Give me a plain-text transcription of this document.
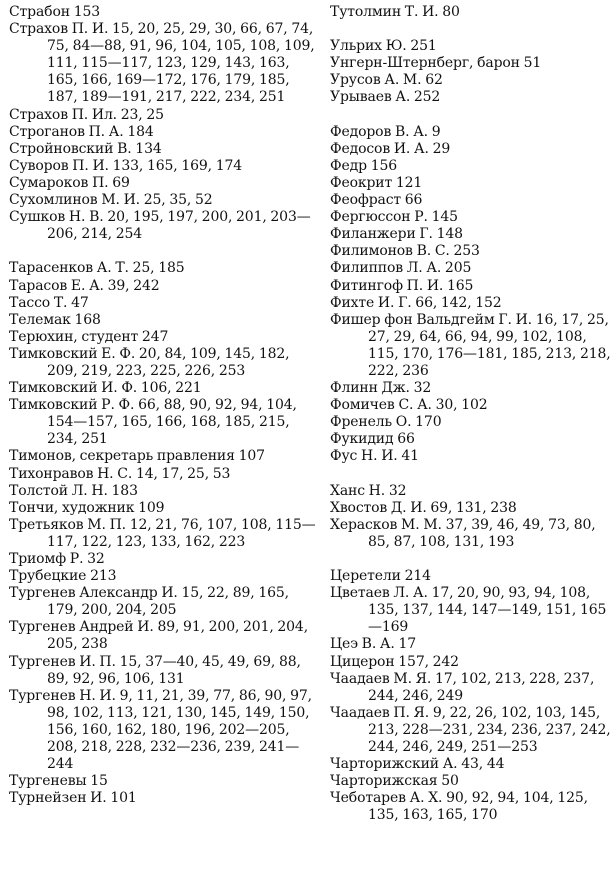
Страбон 153
Страхов П. И. 15, 20, 25, 29, 30, 66, 67, 74, 75, 84—88, 91, 96, 104, 105, 108, 109, 111, 115—117, 123, 129, 143, 163, 165, 166, 169—172, 176, 179, 185, 187, 189—191, 217, 222, 234, 251
Страхов П. Ил. 23, 25
Строганов П. А. 184
Стройновский В. 134
Суворов П. И. 133, 165, 169, 174
Сумароков П. 69
Сухомлинов М. И. 25, 35, 52
Сушков Н. В. 20, 195, 197, 200, 201, 203—206, 214, 254
Тарасенков А. Т. 25, 185
Тарасов Е. А. 39, 242
Тассо Т. 47
Телемак 168
Терюхин, студент 247
Тимковский Е. Ф. 20, 84, 109, 145, 182, 209, 219, 223, 225, 226, 253
Тимковский И. Ф. 106, 221
Тимковский Р. Ф. 66, 88, 90, 92, 94, 104, 154—157, 165, 166, 168, 185, 215, 234, 251
Тимонов, секретарь правления 107
Тихонравов Н. С. 14, 17, 25, 53
Толстой Л. Н. 183
Тончи, художник 109
Третьяков М. П. 12, 21, 76, 107, 108, 115—117, 122, 123, 133, 162, 223
Триомф Р. 32
Трубецкие 213
Тургенев Александр И. 15, 22, 89, 165, 179, 200, 204, 205
Тургенев Андрей И. 89, 91, 200, 201, 204, 205, 238
Тургенев И. П. 15, 37—40, 45, 49, 69, 88, 89, 92, 96, 106, 131
Тургенев Н. И. 9, 11, 21, 39, 77, 86, 90, 97, 98, 102, 113, 121, 130, 145, 149, 150, 156, 160, 162, 180, 196, 202—205, 208, 218, 228, 232—236, 239, 241— 244
Тургеневы 15
Турнейзен И. 101
Тутолмин Т. И. 80
Ульрих Ю. 251
Унгерн-Штернберг, барон 51
Урусов А. М. 62
Урываев А. 252
Федоров В. А. 9
Федосов И. А. 29
Федр 156
Феокрит 121
Феофраст 66
Фергюссон Р. 145
Филанжери Г. 148
Филимонов В. С. 253
Филиппов Л. А. 205
Фитингоф П. И. 165
Фихте И. Г. 66, 142, 152
Фишер фон Вальдгейм Г. И. 16, 17, 25, 27, 29, 64, 66, 94, 99, 102, 108, 115, 170, 176—181, 185, 213, 218, 222, 236
Флинн Дж. 32
Фомичев С. А. 30, 102
Френель О. 170
Фукидид 66
Фус Н. И. 41
Ханс Н. 32
Хвостов Д. И. 69, 131, 238
Херасков М. М. 37, 39, 46, 49, 73, 80, 85, 87, 108, 131, 193
Церетели 214
Цветаев Л. А. 17, 20, 90, 93, 94, 108, 135, 137, 144, 147—149, 151, 165—169
Цеэ В. А. 17
Цицерон 157, 242
Чаадаев М. Я. 17, 102, 213, 228, 237, 244, 246, 249
Чаадаев П. Я. 9, 22, 26, 102, 103, 145, 213, 228—231, 234, 236, 237, 242, 244, 246, 249, 251—253
Чарторижский А. 43, 44
Чарторижская 50
Чеботарев А. Х. 90, 92, 94, 104, 125, 135, 163, 165, 170
